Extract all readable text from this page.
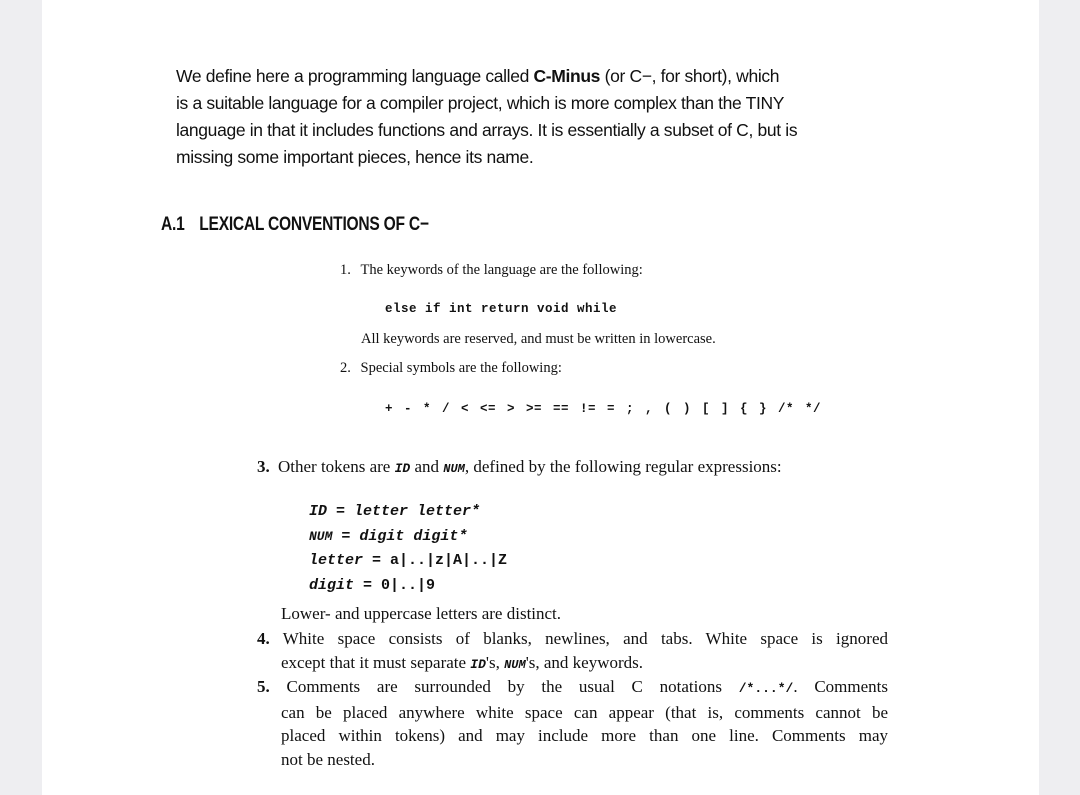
We define here a programming language called C-Minus (or C−, for short), which
is a suitable language for a compiler project, which is more complex than the TINY
language in that it includes functions and arrays. It is essentially a subset of C, but is
missing some important pieces, hence its name.
A.1 LEXICAL CONVENTIONS OF C−
1. The keywords of the language are the following:
else if int return void while
All keywords are reserved, and must be written in lowercase.
2. Special symbols are the following:
+ - * / < <= > >= == != = ; , ( ) [ ] { } /* */
3. Other tokens are ID and NUM, defined by the following regular expressions:
ID = letter letter*
NUM = digit digit*
letter = a|..|z|A|..|Z
digit = 0|..|9
Lower- and uppercase letters are distinct.
4. White space consists of blanks, newlines, and tabs. White space is ignored
except that it must separate ID's, NUM's, and keywords.
5. Comments are surrounded by the usual C notations /*...*/. Comments
can be placed anywhere white space can appear (that is, comments cannot be
placed within tokens) and may include more than one line. Comments may
not be nested.
